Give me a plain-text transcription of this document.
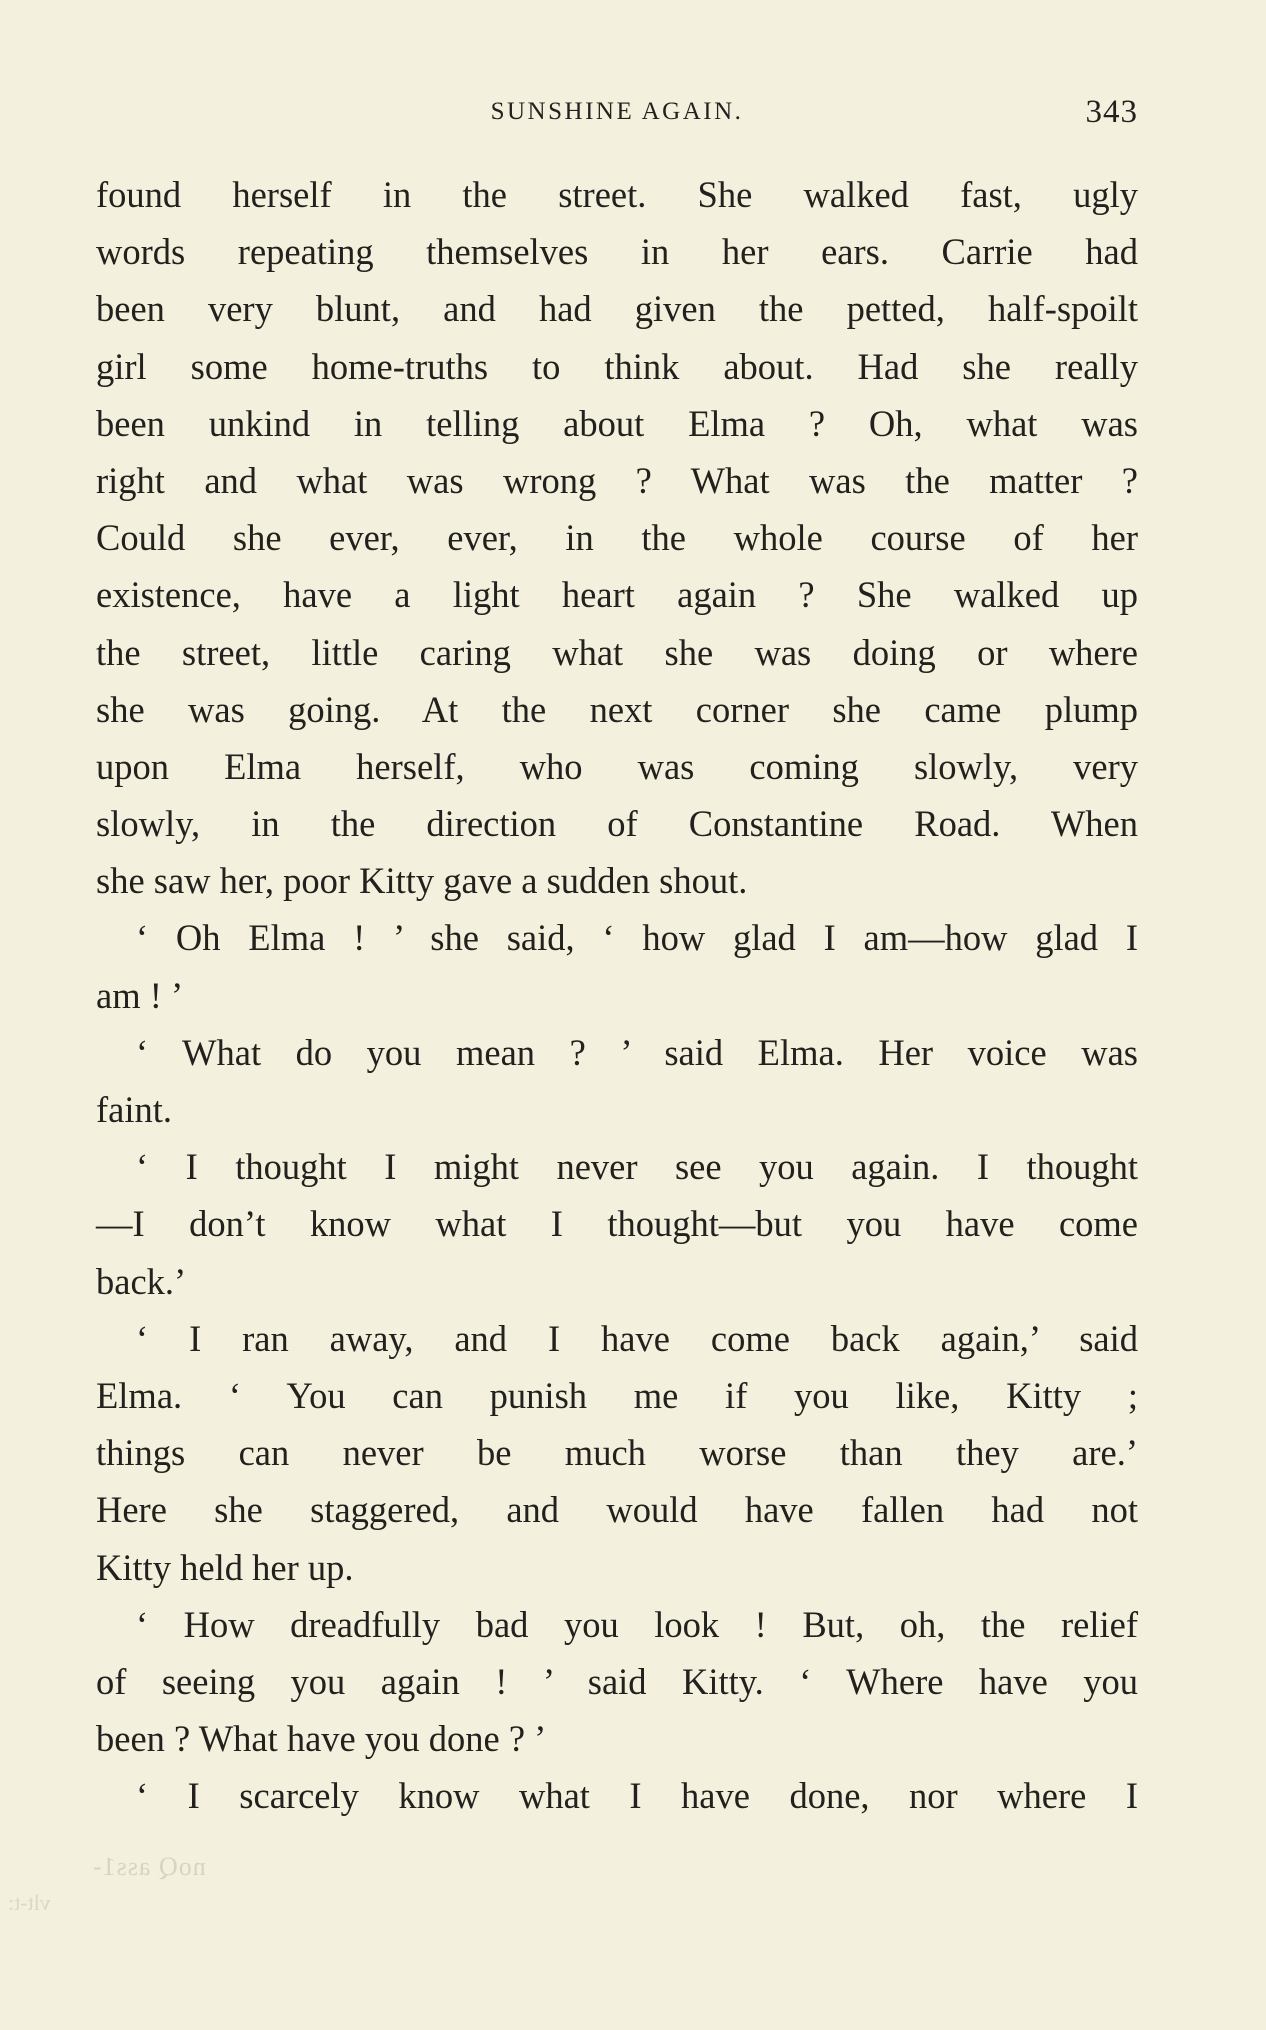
SUNSHINE AGAIN.	343
found herself in the street. She walked fast, ugly
words repeating themselves in her ears. Carrie had
been very blunt, and had given the petted, half-spoilt
girl some home-truths to think about. Had she really
been unkind in telling about Elma ? Oh, what was
right and what was wrong ? What was the matter ?
Could she ever, ever, in the whole course of her
existence, have a light heart again ? She walked up
the street, little caring what she was doing or where
she was going. At the next corner she came plump
upon Elma herself, who was coming slowly, very
slowly, in the direction of Constantine Road. When
she saw her, poor Kitty gave a sudden shout.
‘ Oh Elma ! ’ she said, ‘ how glad I am—how glad I
am ! ’
‘ What do you mean ? ’ said Elma. Her voice was
faint.
‘ I thought I might never see you again. I thought
—I don’t know what I thought—but you have come
back.’
‘ I ran away, and I have come back again,’ said
Elma. ‘ You can punish me if you like, Kitty ;
things can never be much worse than they are.’
Here she staggered, and would have fallen had not
Kitty held her up.
‘ How dreadfully bad you look ! But, oh, the relief
of seeing you again ! ’ said Kitty. ‘ Where have you
been ? What have you done ? ’
‘ I scarcely know what I have done, nor where I
noQ ass1-
vlt-t:
